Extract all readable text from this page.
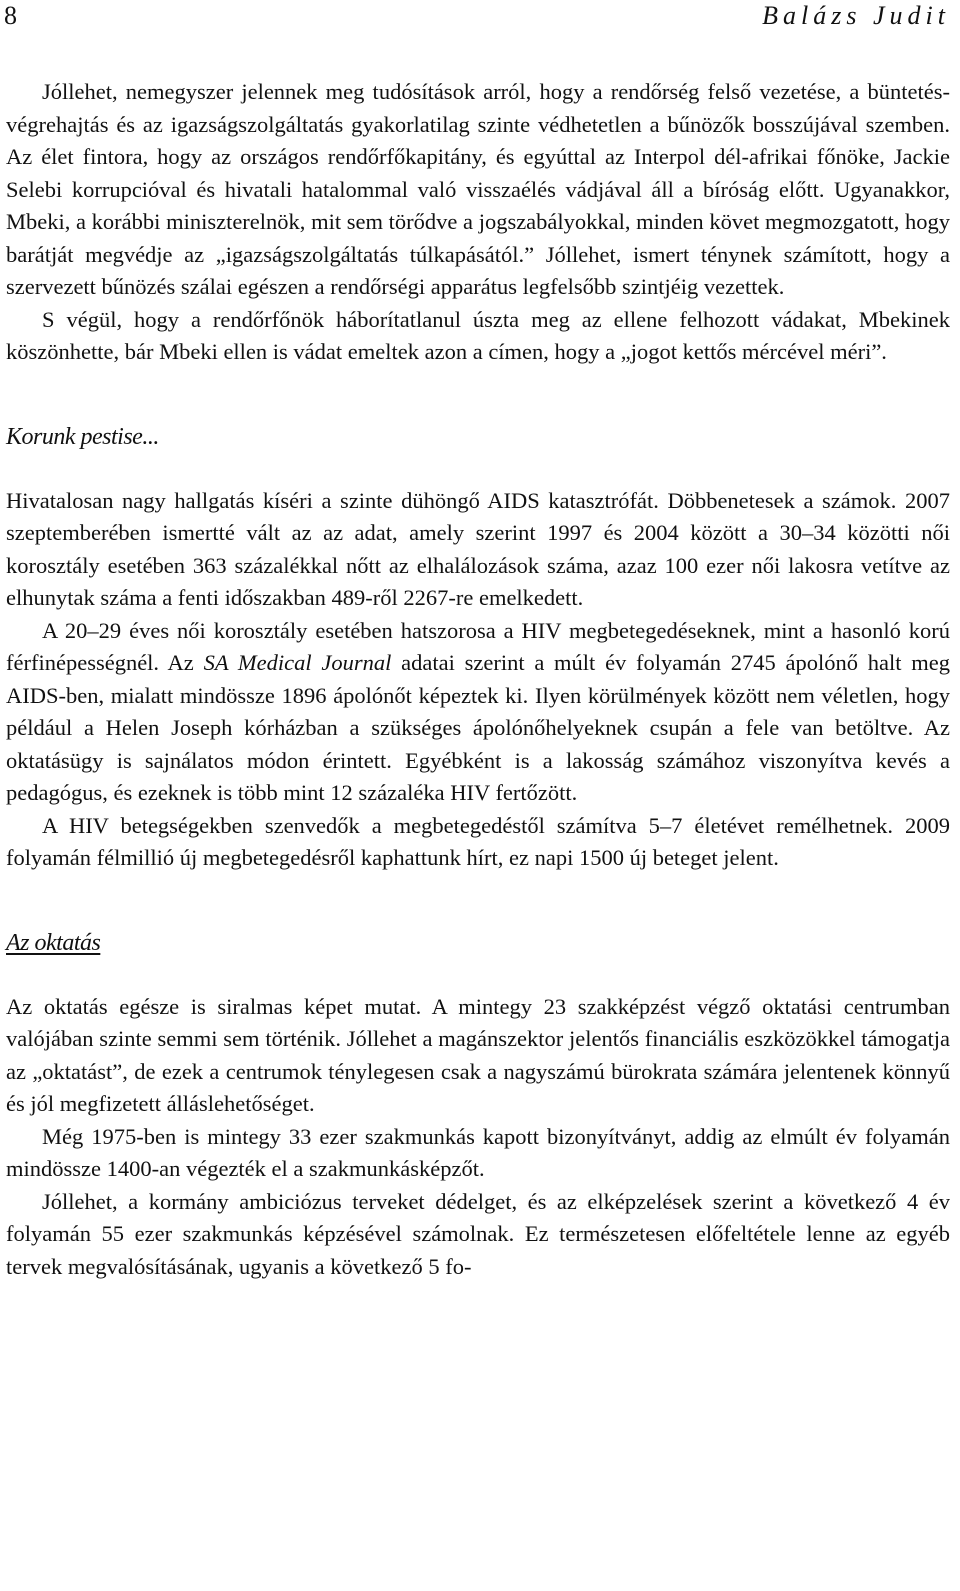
8	Balázs Judit

Jóllehet, nemegyszer jelennek meg tudósítások arról, hogy a rendőrség felső vezetése, a büntetés-végrehajtás és az igazságszolgáltatás gyakorlatilag szinte védhetetlen a bűnözők bosszújával szemben. Az élet fintora, hogy az országos rendőrfőkapitány, és egyúttal az Interpol dél-afrikai főnöke, Jackie Selebi korrupcióval és hivatali hatalommal való visszaélés vádjával áll a bíróság előtt. Ugyanakkor, Mbeki, a korábbi miniszterelnök, mit sem törődve a jogszabályokkal, minden követ megmozgatott, hogy barátját megvédje az „igazságszolgáltatás túlkapásától.” Jóllehet, ismert ténynek számított, hogy a szervezett bűnözés szálai egészen a rendőrségi apparátus legfelsőbb szintjéig vezettek.

S végül, hogy a rendőrfőnök háborítatlanul úszta meg az ellene felhozott vádakat, Mbekinek köszönhette, bár Mbeki ellen is vádat emeltek azon a címen, hogy a „jogot kettős mércével méri”.

Korunk pestise...

Hivatalosan nagy hallgatás kíséri a szinte dühöngő AIDS katasztrófát. Döbbenetesek a számok. 2007 szeptemberében ismertté vált az az adat, amely szerint 1997 és 2004 között a 30–34 közötti női korosztály esetében 363 százalékkal nőtt az elhalálozások száma, azaz 100 ezer női lakosra vetítve az elhunytak száma a fenti időszakban 489-ről 2267-re emelkedett.

A 20–29 éves női korosztály esetében hatszorosa a HIV megbetegedéseknek, mint a hasonló korú férfinépességnél. Az SA Medical Journal adatai szerint a múlt év folyamán 2745 ápolónő halt meg AIDS-ben, mialatt mindössze 1896 ápolónőt képeztek ki. Ilyen körülmények között nem véletlen, hogy például a Helen Joseph kórházban a szükséges ápolónőhelyeknek csupán a fele van betöltve. Az oktatásügy is sajnálatos módon érintett. Egyébként is a lakosság számához viszonyítva kevés a pedagógus, és ezeknek is több mint 12 százaléka HIV fertőzött.

A HIV betegségekben szenvedők a megbetegedéstől számítva 5–7 életévet remélhetnek. 2009 folyamán félmillió új megbetegedésről kaphattunk hírt, ez napi 1500 új beteget jelent.

Az oktatás

Az oktatás egésze is siralmas képet mutat. A mintegy 23 szakképzést végző oktatási centrumban valójában szinte semmi sem történik. Jóllehet a magánszektor jelentős financiális eszközökkel támogatja az „oktatást”, de ezek a centrumok ténylegesen csak a nagyszámú bürokrata számára jelentenek könnyű és jól megfizetett álláslehetőséget.

Még 1975-ben is mintegy 33 ezer szakmunkás kapott bizonyítványt, addig az elmúlt év folyamán mindössze 1400-an végezték el a szakmunkásképzőt.

Jóllehet, a kormány ambiciózus terveket dédelget, és az elképzelések szerint a következő 4 év folyamán 55 ezer szakmunkás képzésével számolnak. Ez természetesen előfeltétele lenne az egyéb tervek megvalósításának, ugyanis a következő 5 fo-
